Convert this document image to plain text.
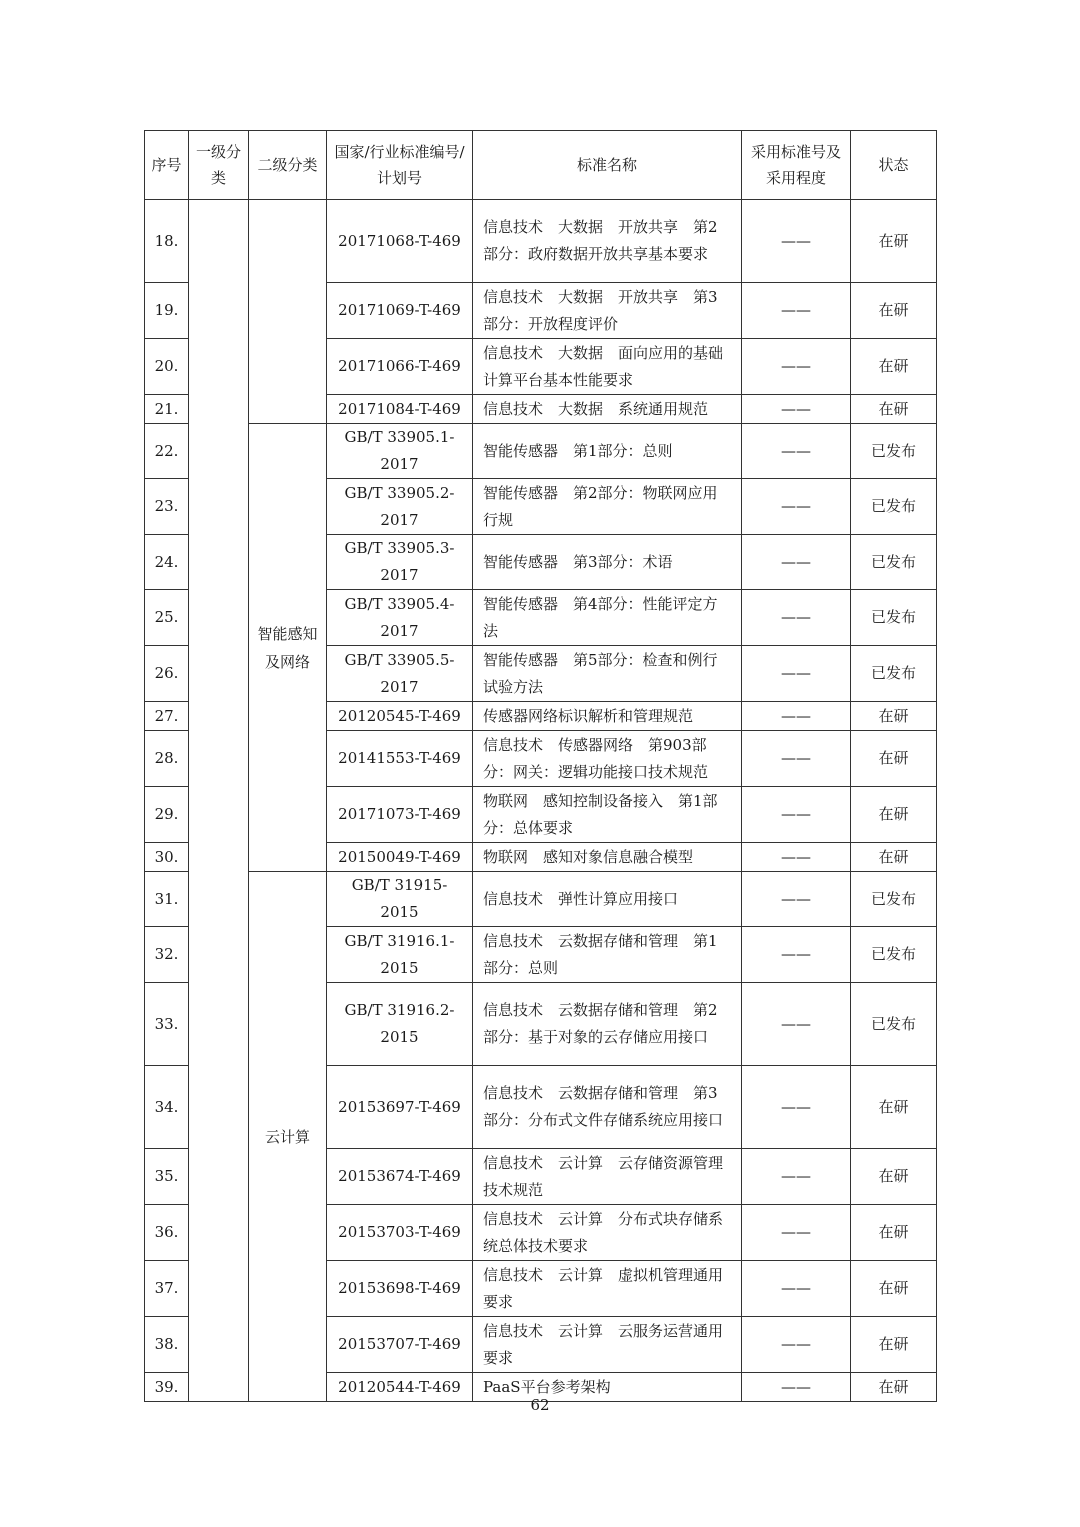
序号	一级分类	二级分类	国家/行业标准编号/计划号	标准名称	采用标准号及采用程度	状态
18.			20171068-T-469	信息技术　大数据　开放共享　第2部分：政府数据开放共享基本要求	——	在研
19.			20171069-T-469	信息技术　大数据　开放共享　第3部分：开放程度评价	——	在研
20.			20171066-T-469	信息技术　大数据　面向应用的基础计算平台基本性能要求	——	在研
21.			20171084-T-469	信息技术　大数据　系统通用规范	——	在研
22.		智能感知及网络	GB/T 33905.1-2017	智能传感器　第1部分：总则	——	已发布
23.			GB/T 33905.2-2017	智能传感器　第2部分：物联网应用行规	——	已发布
24.			GB/T 33905.3-2017	智能传感器　第3部分：术语	——	已发布
25.			GB/T 33905.4-2017	智能传感器　第4部分：性能评定方法	——	已发布
26.			GB/T 33905.5-2017	智能传感器　第5部分：检查和例行试验方法	——	已发布
27.			20120545-T-469	传感器网络标识解析和管理规范	——	在研
28.			20141553-T-469	信息技术　传感器网络　第903部分：网关：逻辑功能接口技术规范	——	在研
29.			20171073-T-469	物联网　感知控制设备接入　第1部分：总体要求	——	在研
30.			20150049-T-469	物联网　感知对象信息融合模型	——	在研
31.		云计算	GB/T 31915-2015	信息技术　弹性计算应用接口	——	已发布
32.			GB/T 31916.1-2015	信息技术　云数据存储和管理　第1部分：总则	——	已发布
33.			GB/T 31916.2-2015	信息技术　云数据存储和管理　第2部分：基于对象的云存储应用接口	——	已发布
34.			20153697-T-469	信息技术　云数据存储和管理　第3部分：分布式文件存储系统应用接口	——	在研
35.			20153674-T-469	信息技术　云计算　云存储资源管理技术规范	——	在研
36.			20153703-T-469	信息技术　云计算　分布式块存储系统总体技术要求	——	在研
37.			20153698-T-469	信息技术　云计算　虚拟机管理通用要求	——	在研
38.			20153707-T-469	信息技术　云计算　云服务运营通用要求	——	在研
39.			20120544-T-469	PaaS平台参考架构	——	在研
62
